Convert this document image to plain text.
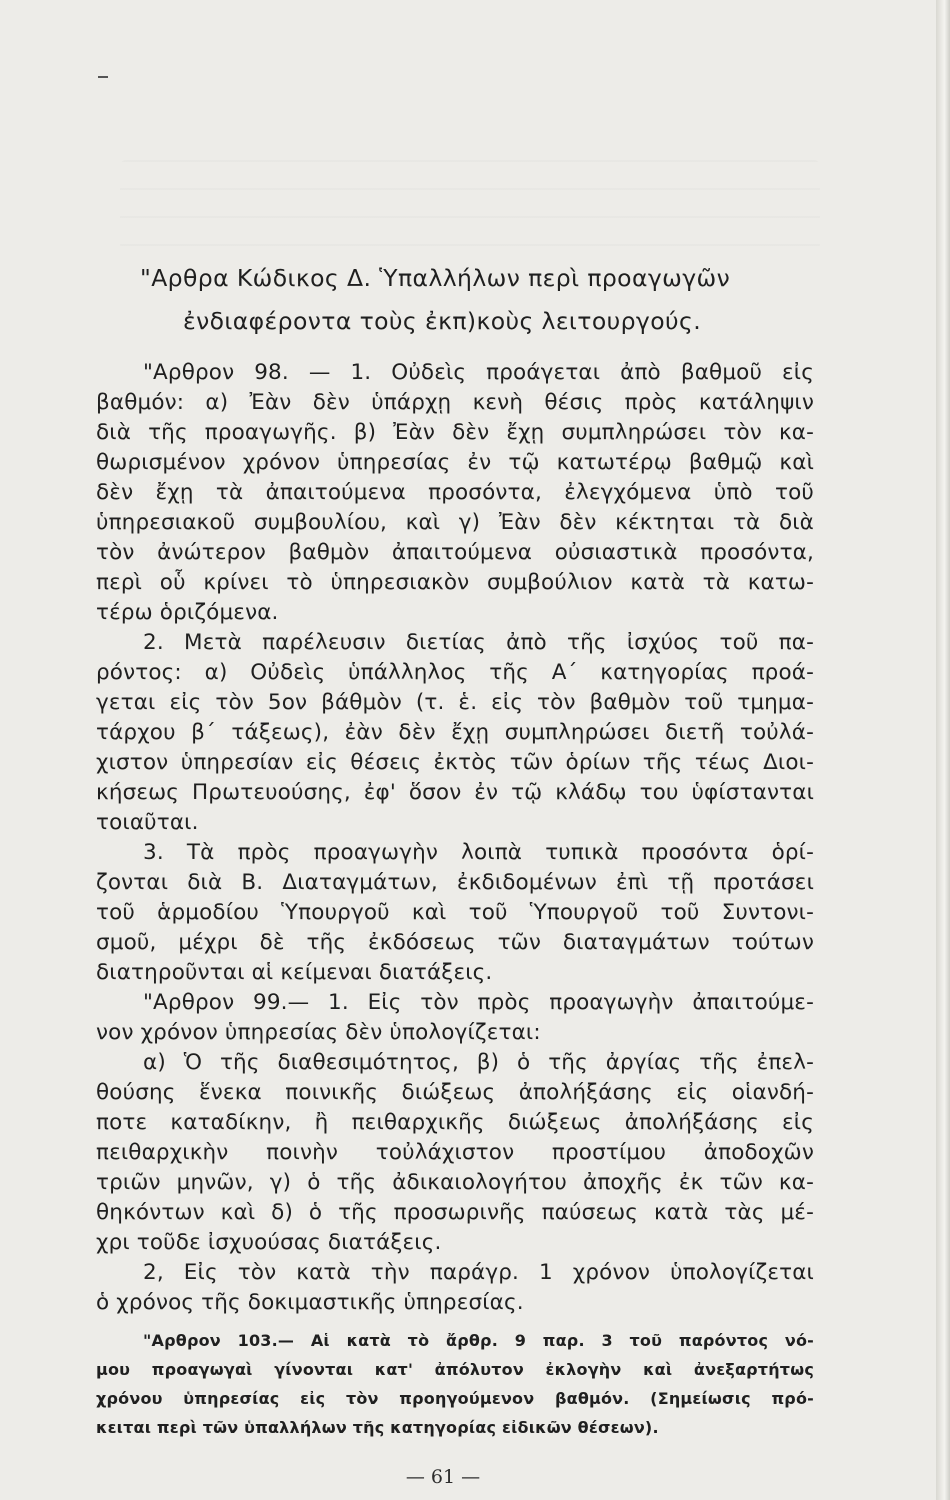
"Αρθρα Κώδικος Δ. Ὑπαλλήλων περὶ προαγωγῶν
ἐνδιαφέροντα τοὺς ἐκπ)κοὺς λειτουργούς.
"Αρθρον 98. — 1. Οὐδεὶς προάγεται ἀπὸ βαθμοῦ εἰς
βαθμόν: α) Ἐὰν δὲν ὑπάρχῃ κενὴ θέσις πρὸς κατάληψιν
διὰ τῆς προαγωγῆς. β) Ἐὰν δὲν ἔχῃ συμπληρώσει τὸν κα-
θωρισμένον χρόνον ὑπηρεσίας ἐν τῷ κατωτέρῳ βαθμῷ καὶ
δὲν ἔχῃ τὰ ἀπαιτούμενα προσόντα, ἐλεγχόμενα ὑπὸ τοῦ
ὑπηρεσιακοῦ συμβουλίου, καὶ γ) Ἐὰν δὲν κέκτηται τὰ διὰ
τὸν ἀνώτερον βαθμὸν ἀπαιτούμενα οὐσιαστικὰ προσόντα,
περὶ οὗ κρίνει τὸ ὑπηρεσιακὸν συμβούλιον κατὰ τὰ κατω-
τέρω ὁριζόμενα.
2. Μετὰ παρέλευσιν διετίας ἀπὸ τῆς ἰσχύος τοῦ πα-
ρόντος: α) Οὐδεὶς ὑπάλληλος τῆς Α΄ κατηγορίας προά-
γεται εἰς τὸν 5ον βάθμὸν (τ. ἑ. εἰς τὸν βαθμὸν τοῦ τμημα-
τάρχου β΄ τάξεως), ἐὰν δὲν ἔχῃ συμπληρώσει διετῆ τοὐλά-
χιστον ὑπηρεσίαν εἰς θέσεις ἐκτὸς τῶν ὁρίων τῆς τέως Διοι-
κήσεως Πρωτευούσης, ἐφ' ὅσον ἐν τῷ κλάδῳ του ὑφίστανται
τοιαῦται.
3. Τὰ πρὸς προαγωγὴν λοιπὰ τυπικὰ προσόντα ὁρί-
ζονται διὰ Β. Διαταγμάτων, ἐκδιδομένων ἐπὶ τῇ προτάσει
τοῦ ἁρμοδίου Ὑπουργοῦ καὶ τοῦ Ὑπουργοῦ τοῦ Συντονι-
σμοῦ, μέχρι δὲ τῆς ἐκδόσεως τῶν διαταγμάτων τούτων
διατηροῦνται αἱ κείμεναι διατάξεις.
"Αρθρον 99.— 1. Εἰς τὸν πρὸς προαγωγὴν ἀπαιτούμε-
νον χρόνον ὑπηρεσίας δὲν ὑπολογίζεται:
α) Ὁ τῆς διαθεσιμότητος, β) ὁ τῆς ἀργίας τῆς ἐπελ-
θούσης ἕνεκα ποινικῆς διώξεως ἀπολήξάσης εἰς οἱανδή-
ποτε καταδίκην, ἢ πειθαρχικῆς διώξεως ἀπολήξάσης εἰς
πειθαρχικὴν ποινὴν τοὐλάχιστον προστίμου ἀποδοχῶν
τριῶν μηνῶν, γ) ὁ τῆς ἀδικαιολογήτου ἀποχῆς ἐκ τῶν κα-
θηκόντων καὶ δ) ὁ τῆς προσωρινῆς παύσεως κατὰ τὰς μέ-
χρι τοῦδε ἰσχυούσας διατάξεις.
2, Εἰς τὸν κατὰ τὴν παράγρ. 1 χρόνον ὑπολογίζεται
ὁ χρόνος τῆς δοκιμαστικῆς ὑπηρεσίας.
"Αρθρον 103.— Αἱ κατὰ τὸ ἄρθρ. 9 παρ. 3 τοῦ παρόντος νό-
μου προαγωγαὶ γίνονται κατ' ἀπόλυτον ἐκλογὴν καὶ ἀνεξαρτήτως
χρόνου ὑπηρεσίας εἰς τὸν προηγούμενον βαθμόν. (Σημείωσις πρό-
κειται περὶ τῶν ὑπαλλήλων τῆς κατηγορίας εἰδικῶν θέσεων).
— 61 —
